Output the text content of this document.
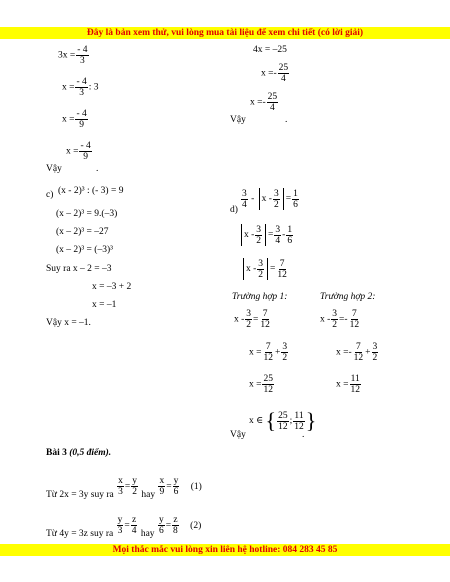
Đây là bản xem thử, vui lòng mua tài liệu để xem chi tiết (có lời giải)
$3x = \frac{- 4}{3}$
$x = \frac{- 4}{3}$ : 3
$x = \frac{- 4}{9}$
$x = \frac{- 4}{9}$
Vậy	.
4x = –25
$x =- \frac{25}{4}$
$x =- \frac{25}{4}$
Vậy	.
c) (x - 2)³ : (- 3) = 9
(x – 2)³ = 9.(–3)
(x – 2)³ = –27
(x – 2)³ = (–3)³
Suy ra x – 2 = –3
x = –3 + 2
x = –1
Vậy x = –1.
d)
$\frac{3}{4} - x - \frac{3}{2} = \frac{1}{6}$
$x - \frac{3}{2} = \frac{3}{4} - \frac{1}{6}$
$x - \frac{3}{2} = \frac{7}{12}$
Trường hợp 1:	Trường hợp 2:
$x - \frac{3}{2} = \frac{7}{12}$
$x = \frac{7}{12} + \frac{3}{2}$
$x = \frac{25}{12}$
$x - \frac{3}{2} =- \frac{7}{12}$
$x =- \frac{7}{12} + \frac{3}{2}$
$x = \frac{11}{12}$
Vậy
x ∈ { $\frac{25}{12}$ ; $\frac{11}{12}$ }
.
Bài 3 (0,5 điểm).
Từ 2x = 3y suy ra $\frac{x}{3} = \frac{y}{2}$ hay $\frac{x}{9} = \frac{y}{6} (1)$
Từ 4y = 3z suy ra $\frac{y}{3} = \frac{z}{4}$ hay $\frac{y}{6} = \frac{z}{8} (2)$
Mọi thắc mắc vui lòng xin liên hệ hotline: 084 283 45 85
